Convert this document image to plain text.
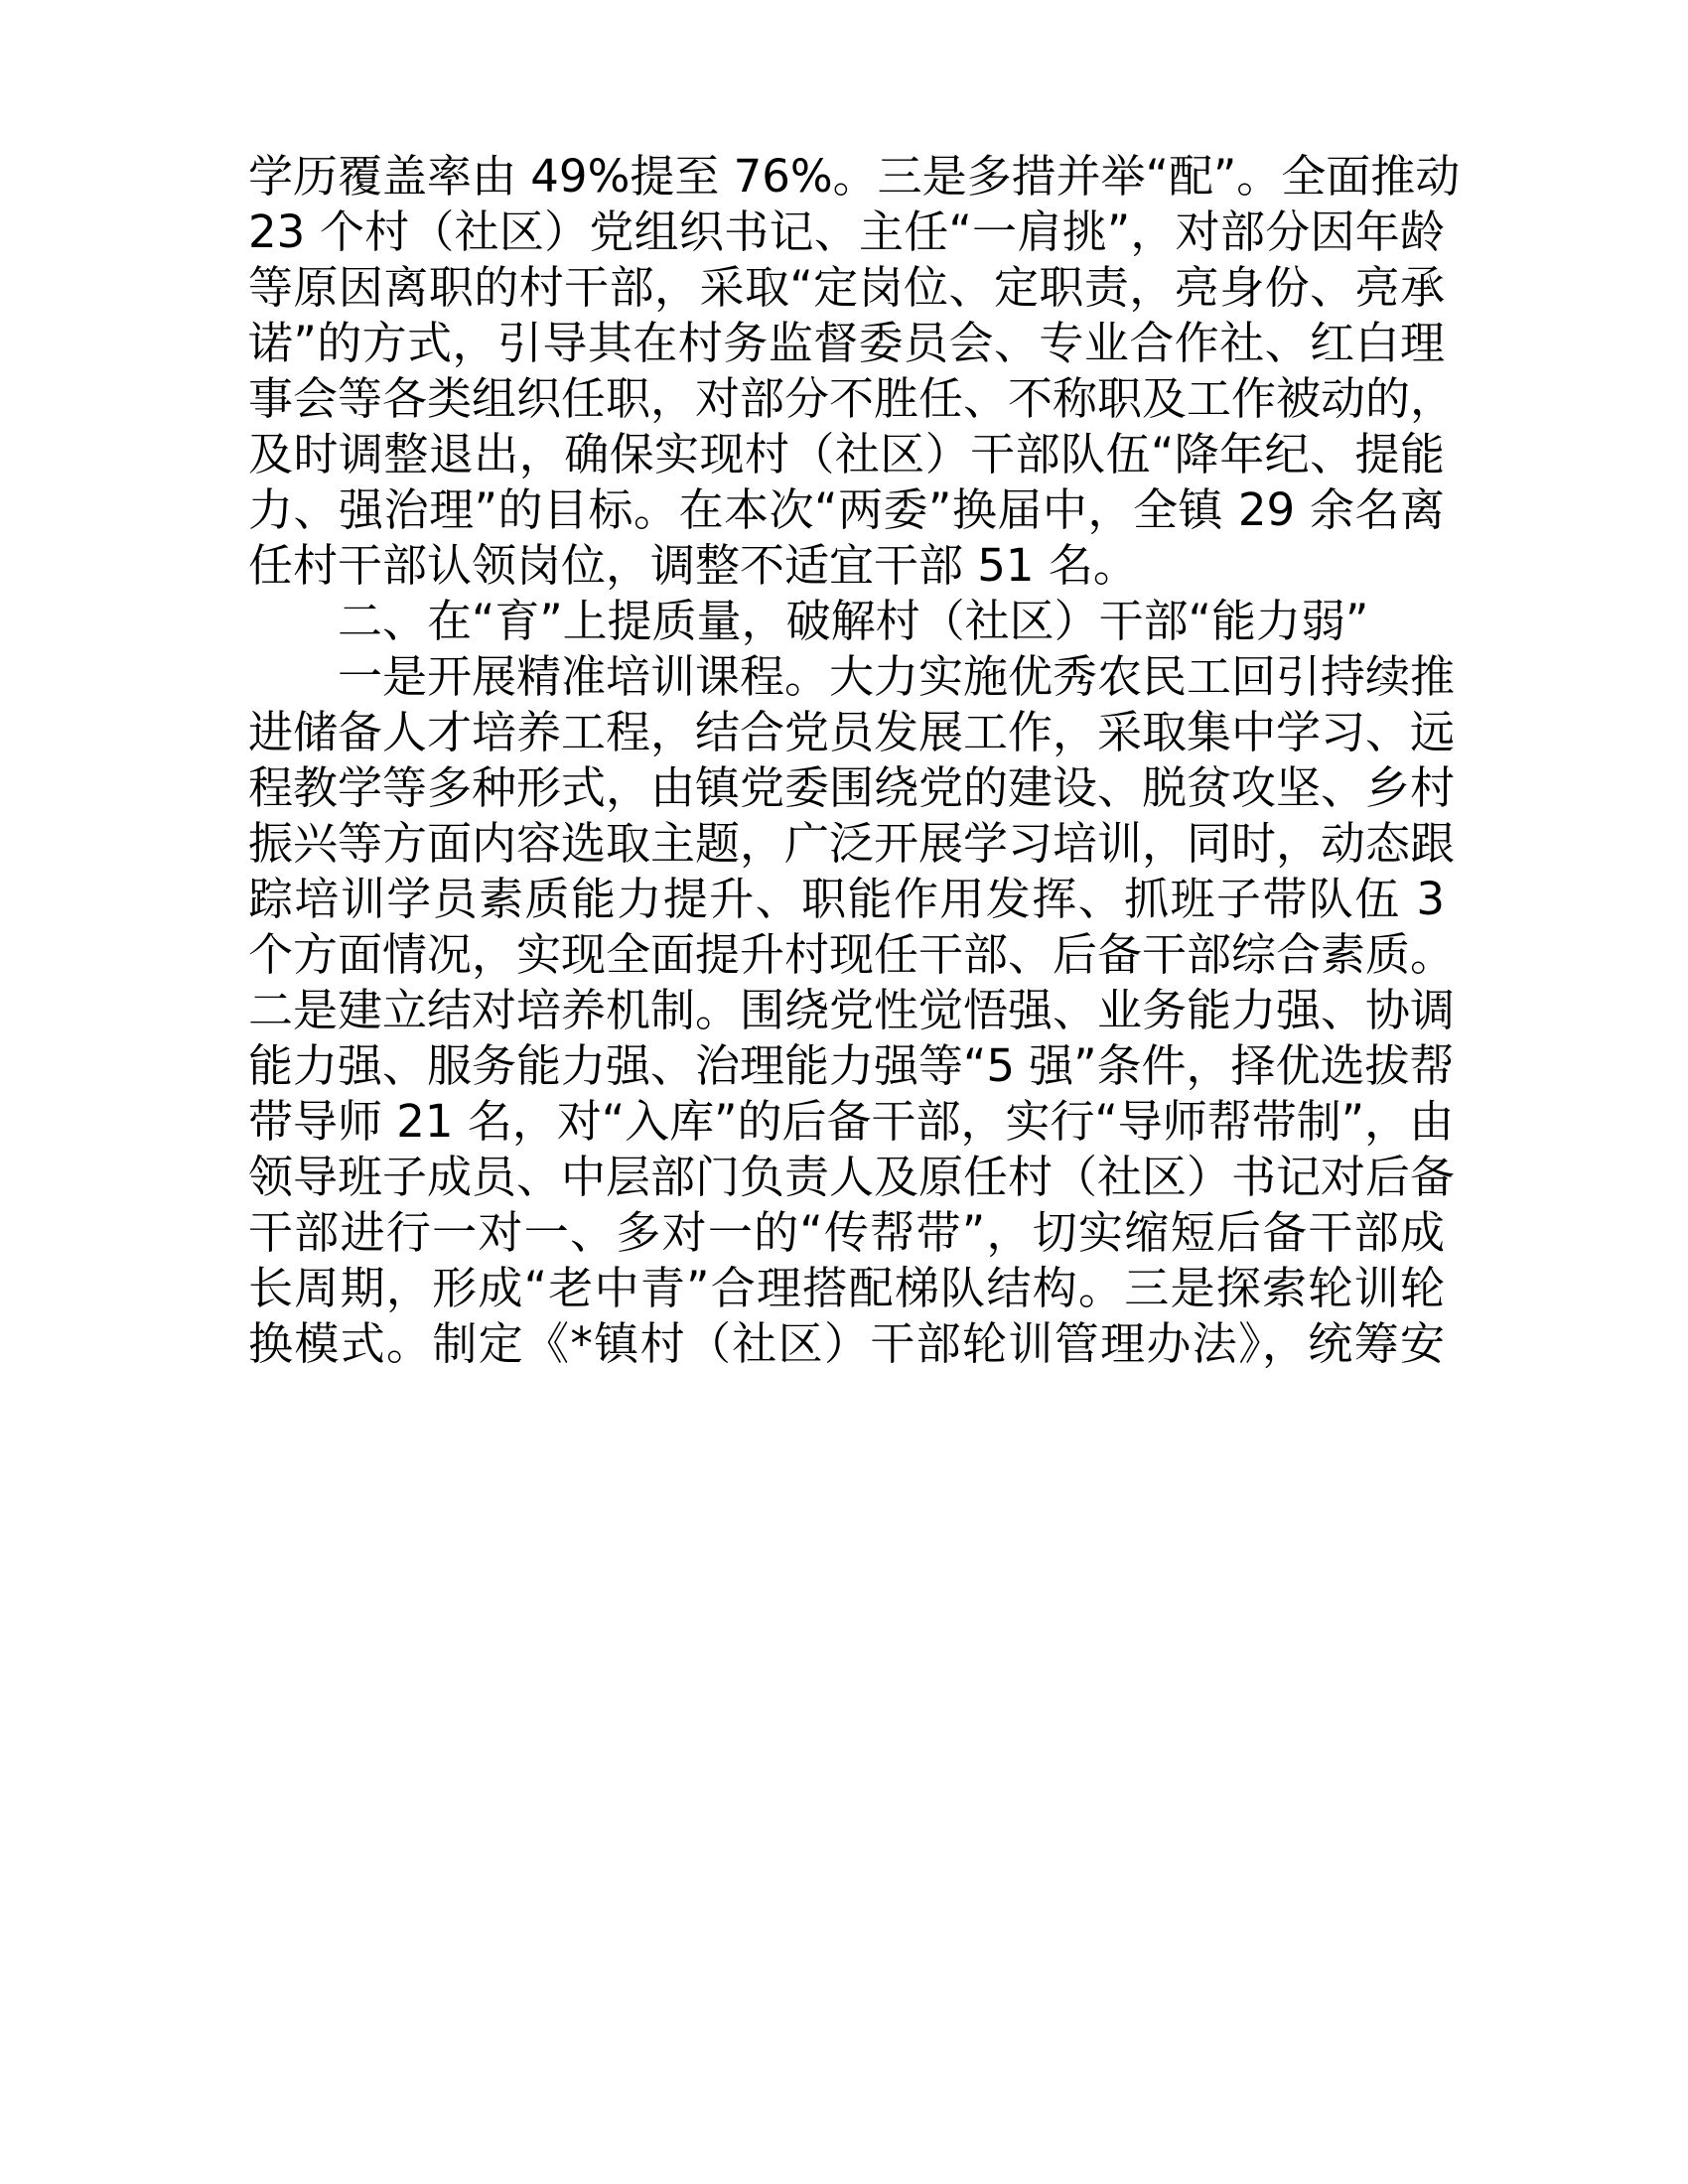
学历覆盖率由 49%提至 76%。三是多措并举“配”。全面推动
23 个村（社区）党组织书记、主任“一肩挑”，对部分因年龄
等原因离职的村干部，采取“定岗位、定职责，亮身份、亮承
诺”的方式，引导其在村务监督委员会、专业合作社、红白理
事会等各类组织任职，对部分不胜任、不称职及工作被动的，
及时调整退出，确保实现村（社区）干部队伍“降年纪、提能
力、强治理”的目标。在本次“两委”换届中，全镇 29 余名离
任村干部认领岗位，调整不适宜干部 51 名。
二、在“育”上提质量，破解村（社区）干部“能力弱”
一是开展精准培训课程。大力实施优秀农民工回引持续推
进储备人才培养工程，结合党员发展工作，采取集中学习、远
程教学等多种形式，由镇党委围绕党的建设、脱贫攻坚、乡村
振兴等方面内容选取主题，广泛开展学习培训，同时，动态跟
踪培训学员素质能力提升、职能作用发挥、抓班子带队伍 3
个方面情况，实现全面提升村现任干部、后备干部综合素质。
二是建立结对培养机制。围绕党性觉悟强、业务能力强、协调
能力强、服务能力强、治理能力强等“5 强”条件，择优选拔帮
带导师 21 名，对“入库”的后备干部，实行“导师帮带制”，由
领导班子成员、中层部门负责人及原任村（社区）书记对后备
干部进行一对一、多对一的“传帮带”，切实缩短后备干部成
长周期，形成“老中青”合理搭配梯队结构。三是探索轮训轮
换模式。制定《*镇村（社区）干部轮训管理办法》，统筹安
